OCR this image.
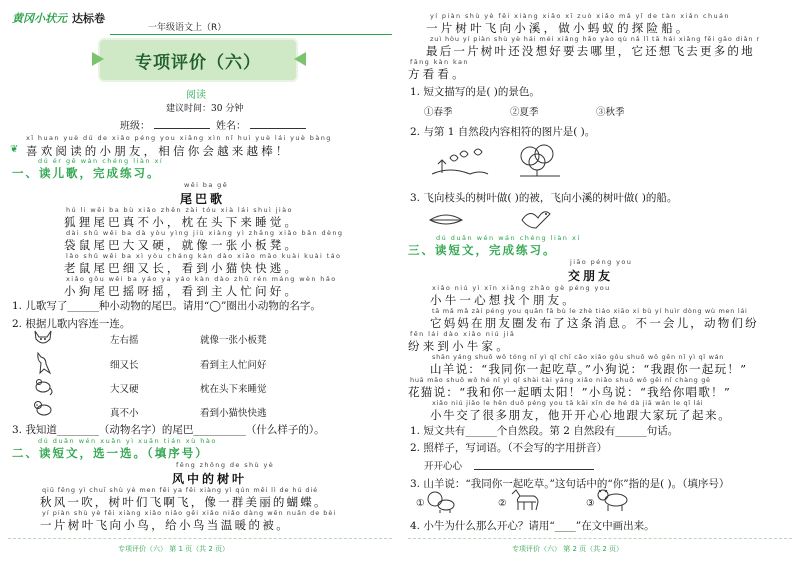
黄冈小状元 达标卷
一年级语文上（R）
专项评价（六）
阅读
建议时间：30 分钟
班级：	姓名：
xǐ huan yuè dú de xiǎo péng you xiāng xìn nǐ huì yuè lái yuè bàng
❦ 喜欢阅读的小朋友，相信你会越来越棒！
dú ér gē wán chéng liàn xí
一、读儿歌，完成练习。
wěi ba gē
尾巴歌
hú li wěi ba bù xiǎo zhěn zài tóu xià lái shuì jiào
狐狸尾巴真不小，枕在头下来睡觉。
dài shǔ wěi ba dà yòu yìng jiù xiàng yì zhāng xiǎo bǎn dèng
袋鼠尾巴大又硬，就像一张小板凳。
lǎo shǔ wěi ba xì yòu cháng kàn dào xiǎo māo kuài kuài táo
老鼠尾巴细又长，看到小猫快快逃。
xiǎo gǒu wěi ba yáo ya yáo kàn dào zhǔ rén máng wèn hǎo
小狗尾巴摇呀摇，看到主人忙问好。
1. 儿歌写了______种小动物的尾巴。请用“◯”圈出小动物的名字。
2. 根据儿歌内容连一连。
左右摇
细又长
大又硬
真不小
就像一张小板凳
看到主人忙问好
枕在头下来睡觉
看到小猫快快逃
3. 我知道________（动物名字）的尾巴__________（什么样子的）。
dú duǎn wén xuǎn yì xuǎn tián xù hào
二、读短文，选一选。（填序号）
fēng zhōng de shù yè
风中的树叶
qiū fēng yì chuī shù yè men fēi ya fēi xiàng yì qún měi lì de hú dié
秋风一吹，树叶们飞啊飞，像一群美丽的蝴蝶。
yí piàn shù yè fēi xiàng xiǎo niǎo gěi xiǎo niǎo dàng wēn nuǎn de bèi
一片树叶飞向小鸟，给小鸟当温暖的被。
专项评价（六） 第 1 页（共 2 页）
yí piàn shù yè fēi xiàng xiǎo xī zuò xiǎo mǎ yǐ de tàn xiǎn chuán
一片树叶飞向小溪，做小蚂蚁的探险船。
zuì hòu yí piàn shù yè hái méi xiǎng hǎo yào qù nǎ lǐ tā hái xiǎng fēi gāo diǎn r
最后一片树叶还没想好要去哪里，它还想飞去更多的地
fāng kàn kan
方看看。
1. 短文描写的是( )的景色。
①春季	②夏季	③秋季
2. 与第 1 自然段内容相符的图片是( )。
3. 飞向枝头的树叶做( )的被，飞向小溪的树叶做( )的船。
dú duǎn wén wán chéng liàn xí
三、读短文，完成练习。
jiāo péng you
交朋友
xiǎo niú yì xīn xiǎng zhǎo gè péng you
小牛一心想找个朋友。
tā mǎ mǎ zài péng you quān fā bù le zhè tiáo xiāo xi bù yí huìr dòng wù men lái
它妈妈在朋友圈发布了这条消息。不一会儿，动物们纷
fēn lái dào xiǎo niú jiā
纷来到小牛家。
shān yáng shuō wǒ tóng nǐ yì qǐ chī cǎo xiǎo gǒu shuō wǒ gēn nǐ yì qǐ wán
山羊说：“我同你一起吃草。”小狗说：“我跟你一起玩！”
huā māo shuō wǒ hé nǐ yì qǐ shài tài yáng xiǎo niǎo shuō wǒ gěi nǐ chàng gē
花猫说：“我和你一起晒太阳！”小鸟说：“我给你唱歌！”
xiǎo niú jiāo le hěn duō péng you tā kāi xīn de hé dà jiā wán le qǐ lái
小牛交了很多朋友，他开开心心地跟大家玩了起来。
1. 短文共有______个自然段。第 2 自然段有______句话。
2. 照样子，写词语。（不会写的字用拼音）
开开心心
3. 山羊说：“我同你一起吃草。”这句话中的“你”指的是( )。（填序号）
①	②	③
4. 小牛为什么那么开心？请用“____”在文中画出来。
专项评价（六） 第 2 页（共 2 页）
